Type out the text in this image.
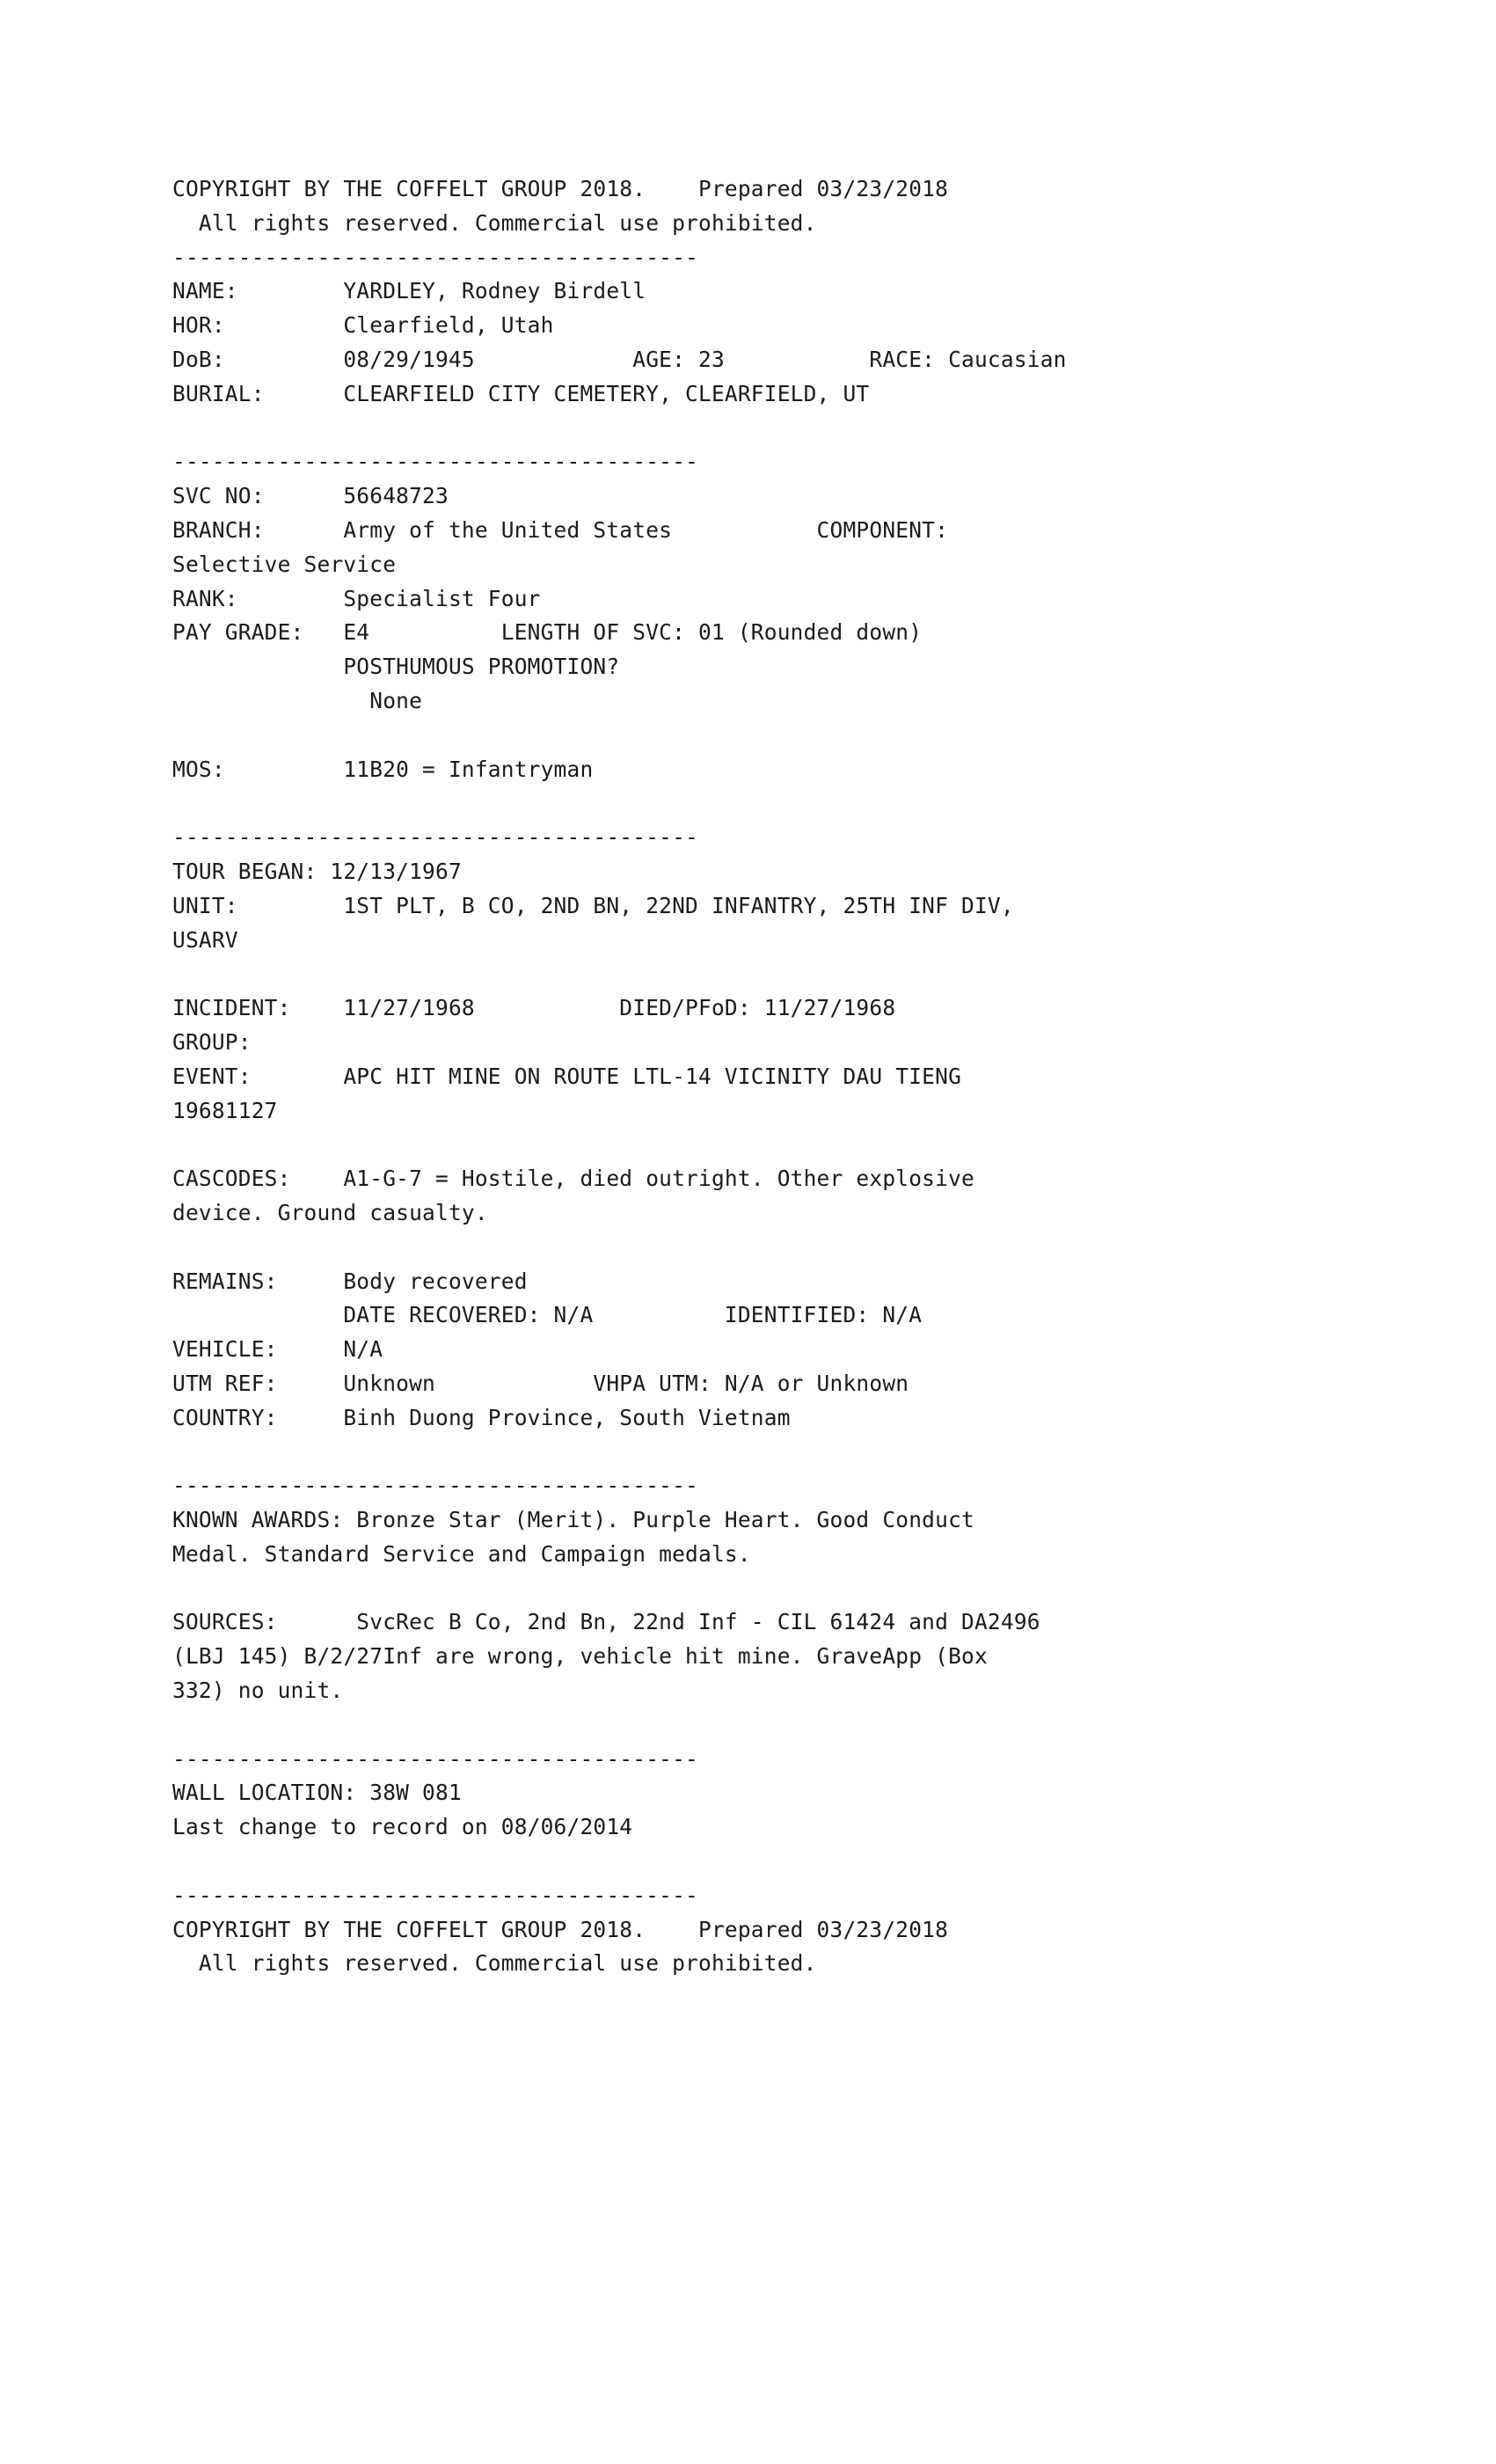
COPYRIGHT BY THE COFFELT GROUP 2018.    Prepared 03/23/2018
All rights reserved. Commercial use prohibited.
----------------------------------------
NAME:        YARDLEY, Rodney Birdell
HOR:         Clearfield, Utah
DoB:         08/29/1945            AGE: 23           RACE: Caucasian
BURIAL:      CLEARFIELD CITY CEMETERY, CLEARFIELD, UT
----------------------------------------
SVC NO:      56648723
BRANCH:      Army of the United States           COMPONENT:
Selective Service
RANK:        Specialist Four
PAY GRADE:   E4          LENGTH OF SVC: 01 (Rounded down)
POSTHUMOUS PROMOTION?
None
MOS:         11B20 = Infantryman
----------------------------------------
TOUR BEGAN: 12/13/1967
UNIT:        1ST PLT, B CO, 2ND BN, 22ND INFANTRY, 25TH INF DIV,
USARV
INCIDENT:    11/27/1968           DIED/PFoD: 11/27/1968
GROUP:
EVENT:       APC HIT MINE ON ROUTE LTL-14 VICINITY DAU TIENG
19681127
CASCODES:    A1-G-7 = Hostile, died outright. Other explosive
device. Ground casualty.
REMAINS:     Body recovered
DATE RECOVERED: N/A          IDENTIFIED: N/A
VEHICLE:     N/A
UTM REF:     Unknown            VHPA UTM: N/A or Unknown
COUNTRY:     Binh Duong Province, South Vietnam
----------------------------------------
KNOWN AWARDS: Bronze Star (Merit). Purple Heart. Good Conduct
Medal. Standard Service and Campaign medals.
SOURCES:      SvcRec B Co, 2nd Bn, 22nd Inf - CIL 61424 and DA2496
(LBJ 145) B/2/27Inf are wrong, vehicle hit mine. GraveApp (Box
332) no unit.
----------------------------------------
WALL LOCATION: 38W 081
Last change to record on 08/06/2014
----------------------------------------
COPYRIGHT BY THE COFFELT GROUP 2018.    Prepared 03/23/2018
All rights reserved. Commercial use prohibited.
